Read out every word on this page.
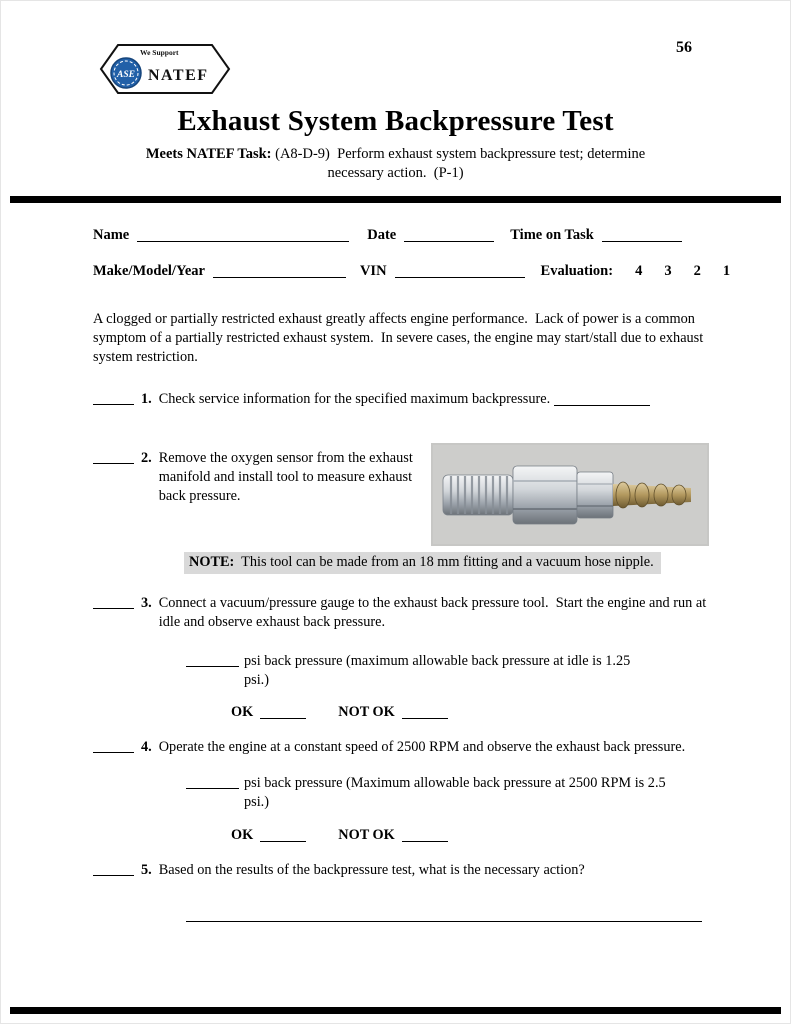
56
We Support
ASE NATEF
Exhaust System Backpressure Test
Meets NATEF Task: (A8-D-9)  Perform exhaust system backpressure test; determine
necessary action.  (P-1)
Name	Date	Time on Task
Make/Model/Year	VIN	Evaluation: 4 3 2 1
A clogged or partially restricted exhaust greatly affects engine performance.  Lack of power is a common symptom of a partially restricted exhaust system.  In severe cases, the engine may start/stall due to exhaust system restriction.
1. Check service information for the specified maximum backpressure.
2. Remove the oxygen sensor from the exhaust manifold and install tool to measure exhaust back pressure.
NOTE: This tool can be made from an 18 mm fitting and a vacuum hose nipple.
3. Connect a vacuum/pressure gauge to the exhaust back pressure tool.  Start the engine and run at idle and observe exhaust back pressure.
psi back pressure (maximum allowable back pressure at idle is 1.25 psi.)
OK	NOT OK
4. Operate the engine at a constant speed of 2500 RPM and observe the exhaust back pressure.
psi back pressure (Maximum allowable back pressure at 2500 RPM is 2.5 psi.)
OK	NOT OK
5. Based on the results of the backpressure test, what is the necessary action?
